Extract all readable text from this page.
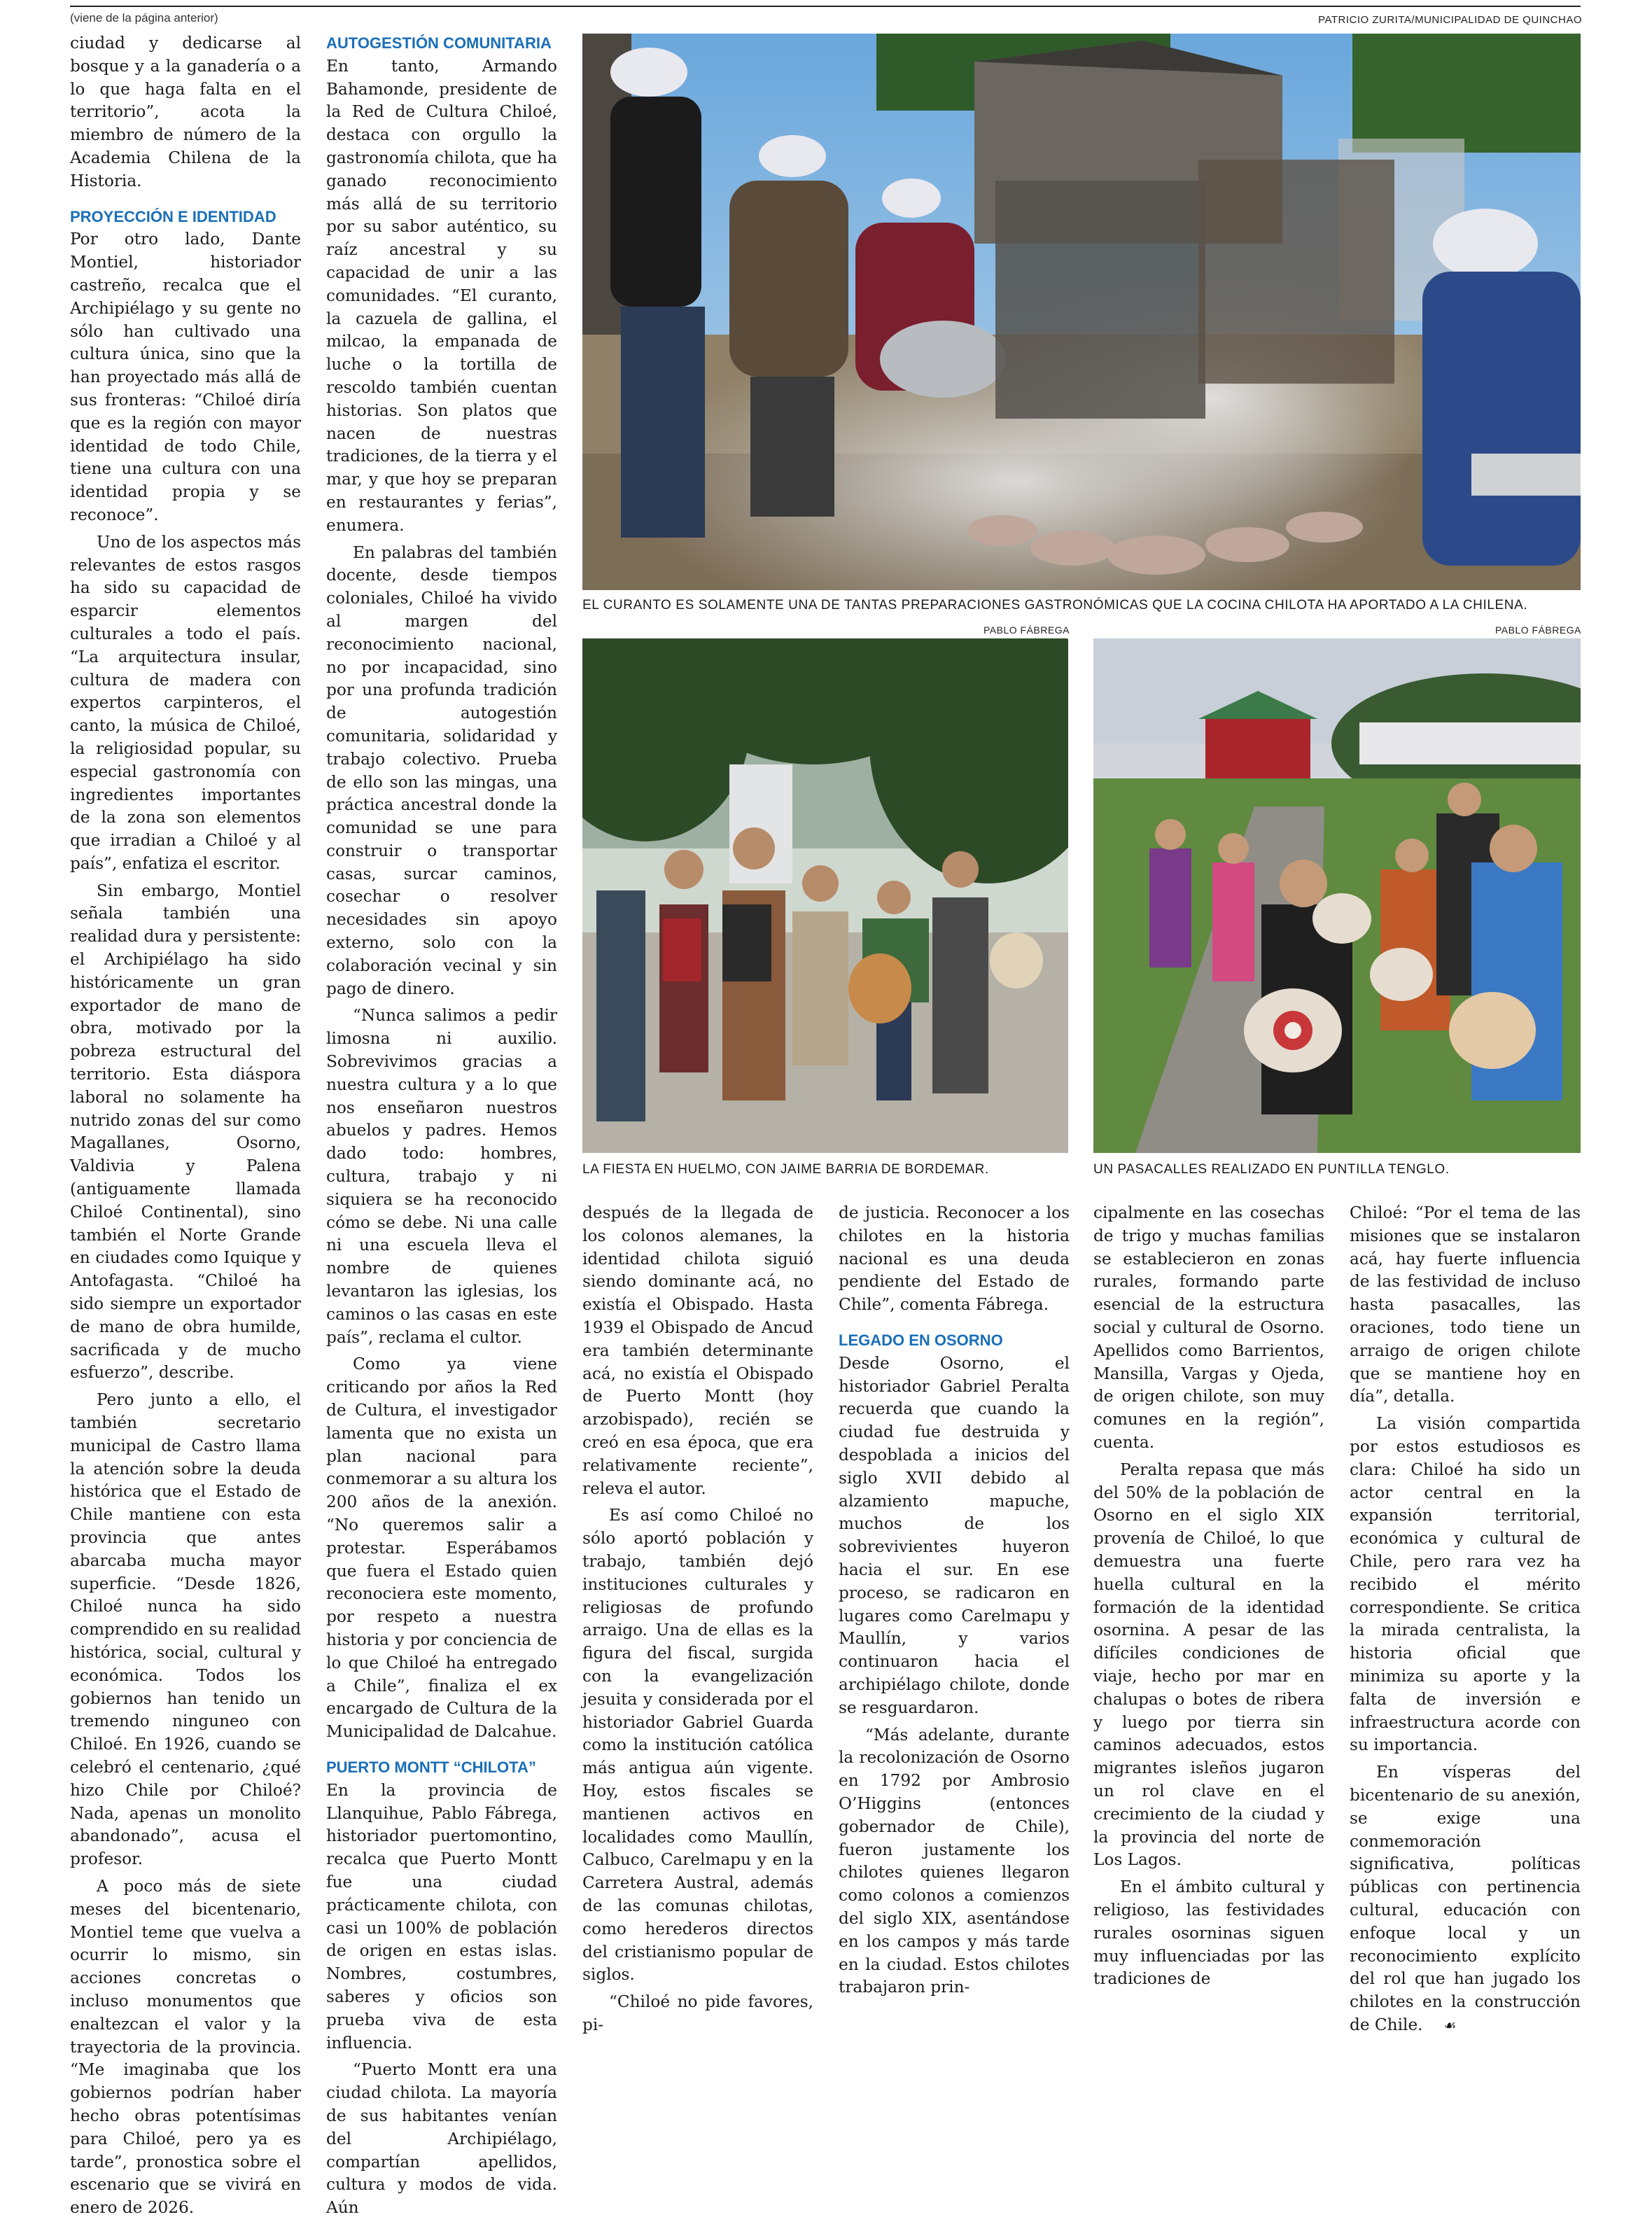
(viene de la página anterior)	PATRICIO ZURITA/MUNICIPALIDAD DE QUINCHAO

ciudad y dedicarse al bosque y a la ganadería o a lo que haga falta en el territorio”, acota la miembro de número de la Academia Chilena de la Historia.

PROYECCIÓN E IDENTIDAD

Por otro lado, Dante Montiel, historiador castreño, recalca que el Archipiélago y su gente no sólo han cultivado una cultura única, sino que la han proyectado más allá de sus fronteras: “Chiloé diría que es la región con mayor identidad de todo Chile, tiene una cultura con una identidad propia y se reconoce”.

Uno de los aspectos más relevantes de estos rasgos ha sido su capacidad de esparcir elementos culturales a todo el país. “La arquitectura insular, cultura de madera con expertos carpinteros, el canto, la música de Chiloé, la religiosidad popular, su especial gastronomía con ingredientes importantes de la zona son elementos que irradian a Chiloé y al país”, enfatiza el escritor.

Sin embargo, Montiel señala también una realidad dura y persistente: el Archipiélago ha sido históricamente un gran exportador de mano de obra, motivado por la pobreza estructural del territorio. Esta diáspora laboral no solamente ha nutrido zonas del sur como Magallanes, Osorno, Valdivia y Palena (antiguamente llamada Chiloé Continental), sino también el Norte Grande en ciudades como Iquique y Antofagasta. “Chiloé ha sido siempre un exportador de mano de obra humilde, sacrificada y de mucho esfuerzo”, describe.

Pero junto a ello, el también secretario municipal de Castro llama la atención sobre la deuda histórica que el Estado de Chile mantiene con esta provincia que antes abarcaba mucha mayor superficie. “Desde 1826, Chiloé nunca ha sido comprendido en su realidad histórica, social, cultural y económica. Todos los gobiernos han tenido un tremendo ninguneo con Chiloé. En 1926, cuando se celebró el centenario, ¿qué hizo Chile por Chiloé? Nada, apenas un monolito abandonado”, acusa el profesor.

A poco más de siete meses del bicentenario, Montiel teme que vuelva a ocurrir lo mismo, sin acciones concretas o incluso monumentos que enaltezcan el valor y la trayectoria de la provincia. “Me imaginaba que los gobiernos podrían haber hecho obras potentísimas para Chiloé, pero ya es tarde”, pronostica sobre el escenario que se vivirá en enero de 2026.

AUTOGESTIÓN COMUNITARIA

En tanto, Armando Bahamonde, presidente de la Red de Cultura Chiloé, destaca con orgullo la gastronomía chilota, que ha ganado reconocimiento más allá de su territorio por su sabor auténtico, su raíz ancestral y su capacidad de unir a las comunidades. “El curanto, la cazuela de gallina, el milcao, la empanada de luche o la tortilla de rescoldo también cuentan historias. Son platos que nacen de nuestras tradiciones, de la tierra y el mar, y que hoy se preparan en restaurantes y ferias”, enumera.

En palabras del también docente, desde tiempos coloniales, Chiloé ha vivido al margen del reconocimiento nacional, no por incapacidad, sino por una profunda tradición de autogestión comunitaria, solidaridad y trabajo colectivo. Prueba de ello son las mingas, una práctica ancestral donde la comunidad se une para construir o transportar casas, surcar caminos, cosechar o resolver necesidades sin apoyo externo, solo con la colaboración vecinal y sin pago de dinero.

“Nunca salimos a pedir limosna ni auxilio. Sobrevivimos gracias a nuestra cultura y a lo que nos enseñaron nuestros abuelos y padres. Hemos dado todo: hombres, cultura, trabajo y ni siquiera se ha reconocido cómo se debe. Ni una calle ni una escuela lleva el nombre de quienes levantaron las iglesias, los caminos o las casas en este país”, reclama el cultor.

Como ya viene criticando por años la Red de Cultura, el investigador lamenta que no exista un plan nacional para conmemorar a su altura los 200 años de la anexión. “No queremos salir a protestar. Esperábamos que fuera el Estado quien reconociera este momento, por respeto a nuestra historia y por conciencia de lo que Chiloé ha entregado a Chile”, finaliza el ex encargado de Cultura de la Municipalidad de Dalcahue.

PUERTO MONTT “CHILOTA”

En la provincia de Llanquihue, Pablo Fábrega, historiador puertomontino, recalca que Puerto Montt fue una ciudad prácticamente chilota, con casi un 100% de población de origen en estas islas. Nombres, costumbres, saberes y oficios son prueba viva de esta influencia.

“Puerto Montt era una ciudad chilota. La mayoría de sus habitantes venían del Archipiélago, compartían apellidos, cultura y modos de vida. Aún

EL CURANTO ES SOLAMENTE UNA DE TANTAS PREPARACIONES GASTRONÓMICAS QUE LA COCINA CHILOTA HA APORTADO A LA CHILENA.
PABLO FÁBREGA
LA FIESTA EN HUELMO, CON JAIME BARRIA DE BORDEMAR.
PABLO FÁBREGA
UN PASACALLES REALIZADO EN PUNTILLA TENGLO.

después de la llegada de los colonos alemanes, la identidad chilota siguió siendo dominante acá, no existía el Obispado. Hasta 1939 el Obispado de Ancud era también determinante acá, no existía el Obispado de Puerto Montt (hoy arzobispado), recién se creó en esa época, que era relativamente reciente”, releva el autor.

Es así como Chiloé no sólo aportó población y trabajo, también dejó instituciones culturales y religiosas de profundo arraigo. Una de ellas es la figura del fiscal, surgida con la evangelización jesuita y considerada por el historiador Gabriel Guarda como la institución católica más antigua aún vigente. Hoy, estos fiscales se mantienen activos en localidades como Maullín, Calbuco, Carelmapu y en la Carretera Austral, además de las comunas chilotas, como herederos directos del cristianismo popular de siglos.

“Chiloé no pide favores, pi-

de justicia. Reconocer a los chilotes en la historia nacional es una deuda pendiente del Estado de Chile”, comenta Fábrega.

LEGADO EN OSORNO

Desde Osorno, el historiador Gabriel Peralta recuerda que cuando la ciudad fue destruida y despoblada a inicios del siglo XVII debido al alzamiento mapuche, muchos de los sobrevivientes huyeron hacia el sur. En ese proceso, se radicaron en lugares como Carelmapu y Maullín, y varios continuaron hacia el archipiélago chilote, donde se resguardaron.

“Más adelante, durante la recolonización de Osorno en 1792 por Ambrosio O’Higgins (entonces gobernador de Chile), fueron justamente los chilotes quienes llegaron como colonos a comienzos del siglo XIX, asentándose en los campos y más tarde en la ciudad. Estos chilotes trabajaron prin-

cipalmente en las cosechas de trigo y muchas familias se establecieron en zonas rurales, formando parte esencial de la estructura social y cultural de Osorno. Apellidos como Barrientos, Mansilla, Vargas y Ojeda, de origen chilote, son muy comunes en la región”, cuenta.

Peralta repasa que más del 50% de la población de Osorno en el siglo XIX provenía de Chiloé, lo que demuestra una fuerte huella cultural en la formación de la identidad osornina. A pesar de las difíciles condiciones de viaje, hecho por mar en chalupas o botes de ribera y luego por tierra sin caminos adecuados, estos migrantes isleños jugaron un rol clave en el crecimiento de la ciudad y la provincia del norte de Los Lagos.

En el ámbito cultural y religioso, las festividades rurales osorninas siguen muy influenciadas por las tradiciones de

Chiloé: “Por el tema de las misiones que se instalaron acá, hay fuerte influencia de las festividad de incluso hasta pasacalles, las oraciones, todo tiene un arraigo de origen chilote que se mantiene hoy en día”, detalla.

La visión compartida por estos estudiosos es clara: Chiloé ha sido un actor central en la expansión territorial, económica y cultural de Chile, pero rara vez ha recibido el mérito correspondiente. Se critica la mirada centralista, la historia oficial que minimiza su aporte y la falta de inversión e infraestructura acorde con su importancia.

En vísperas del bicentenario de su anexión, se exige una conmemoración significativa, políticas públicas con pertinencia cultural, educación con enfoque local y un reconocimiento explícito del rol que han jugado los chilotes en la construcción de Chile. ☙
